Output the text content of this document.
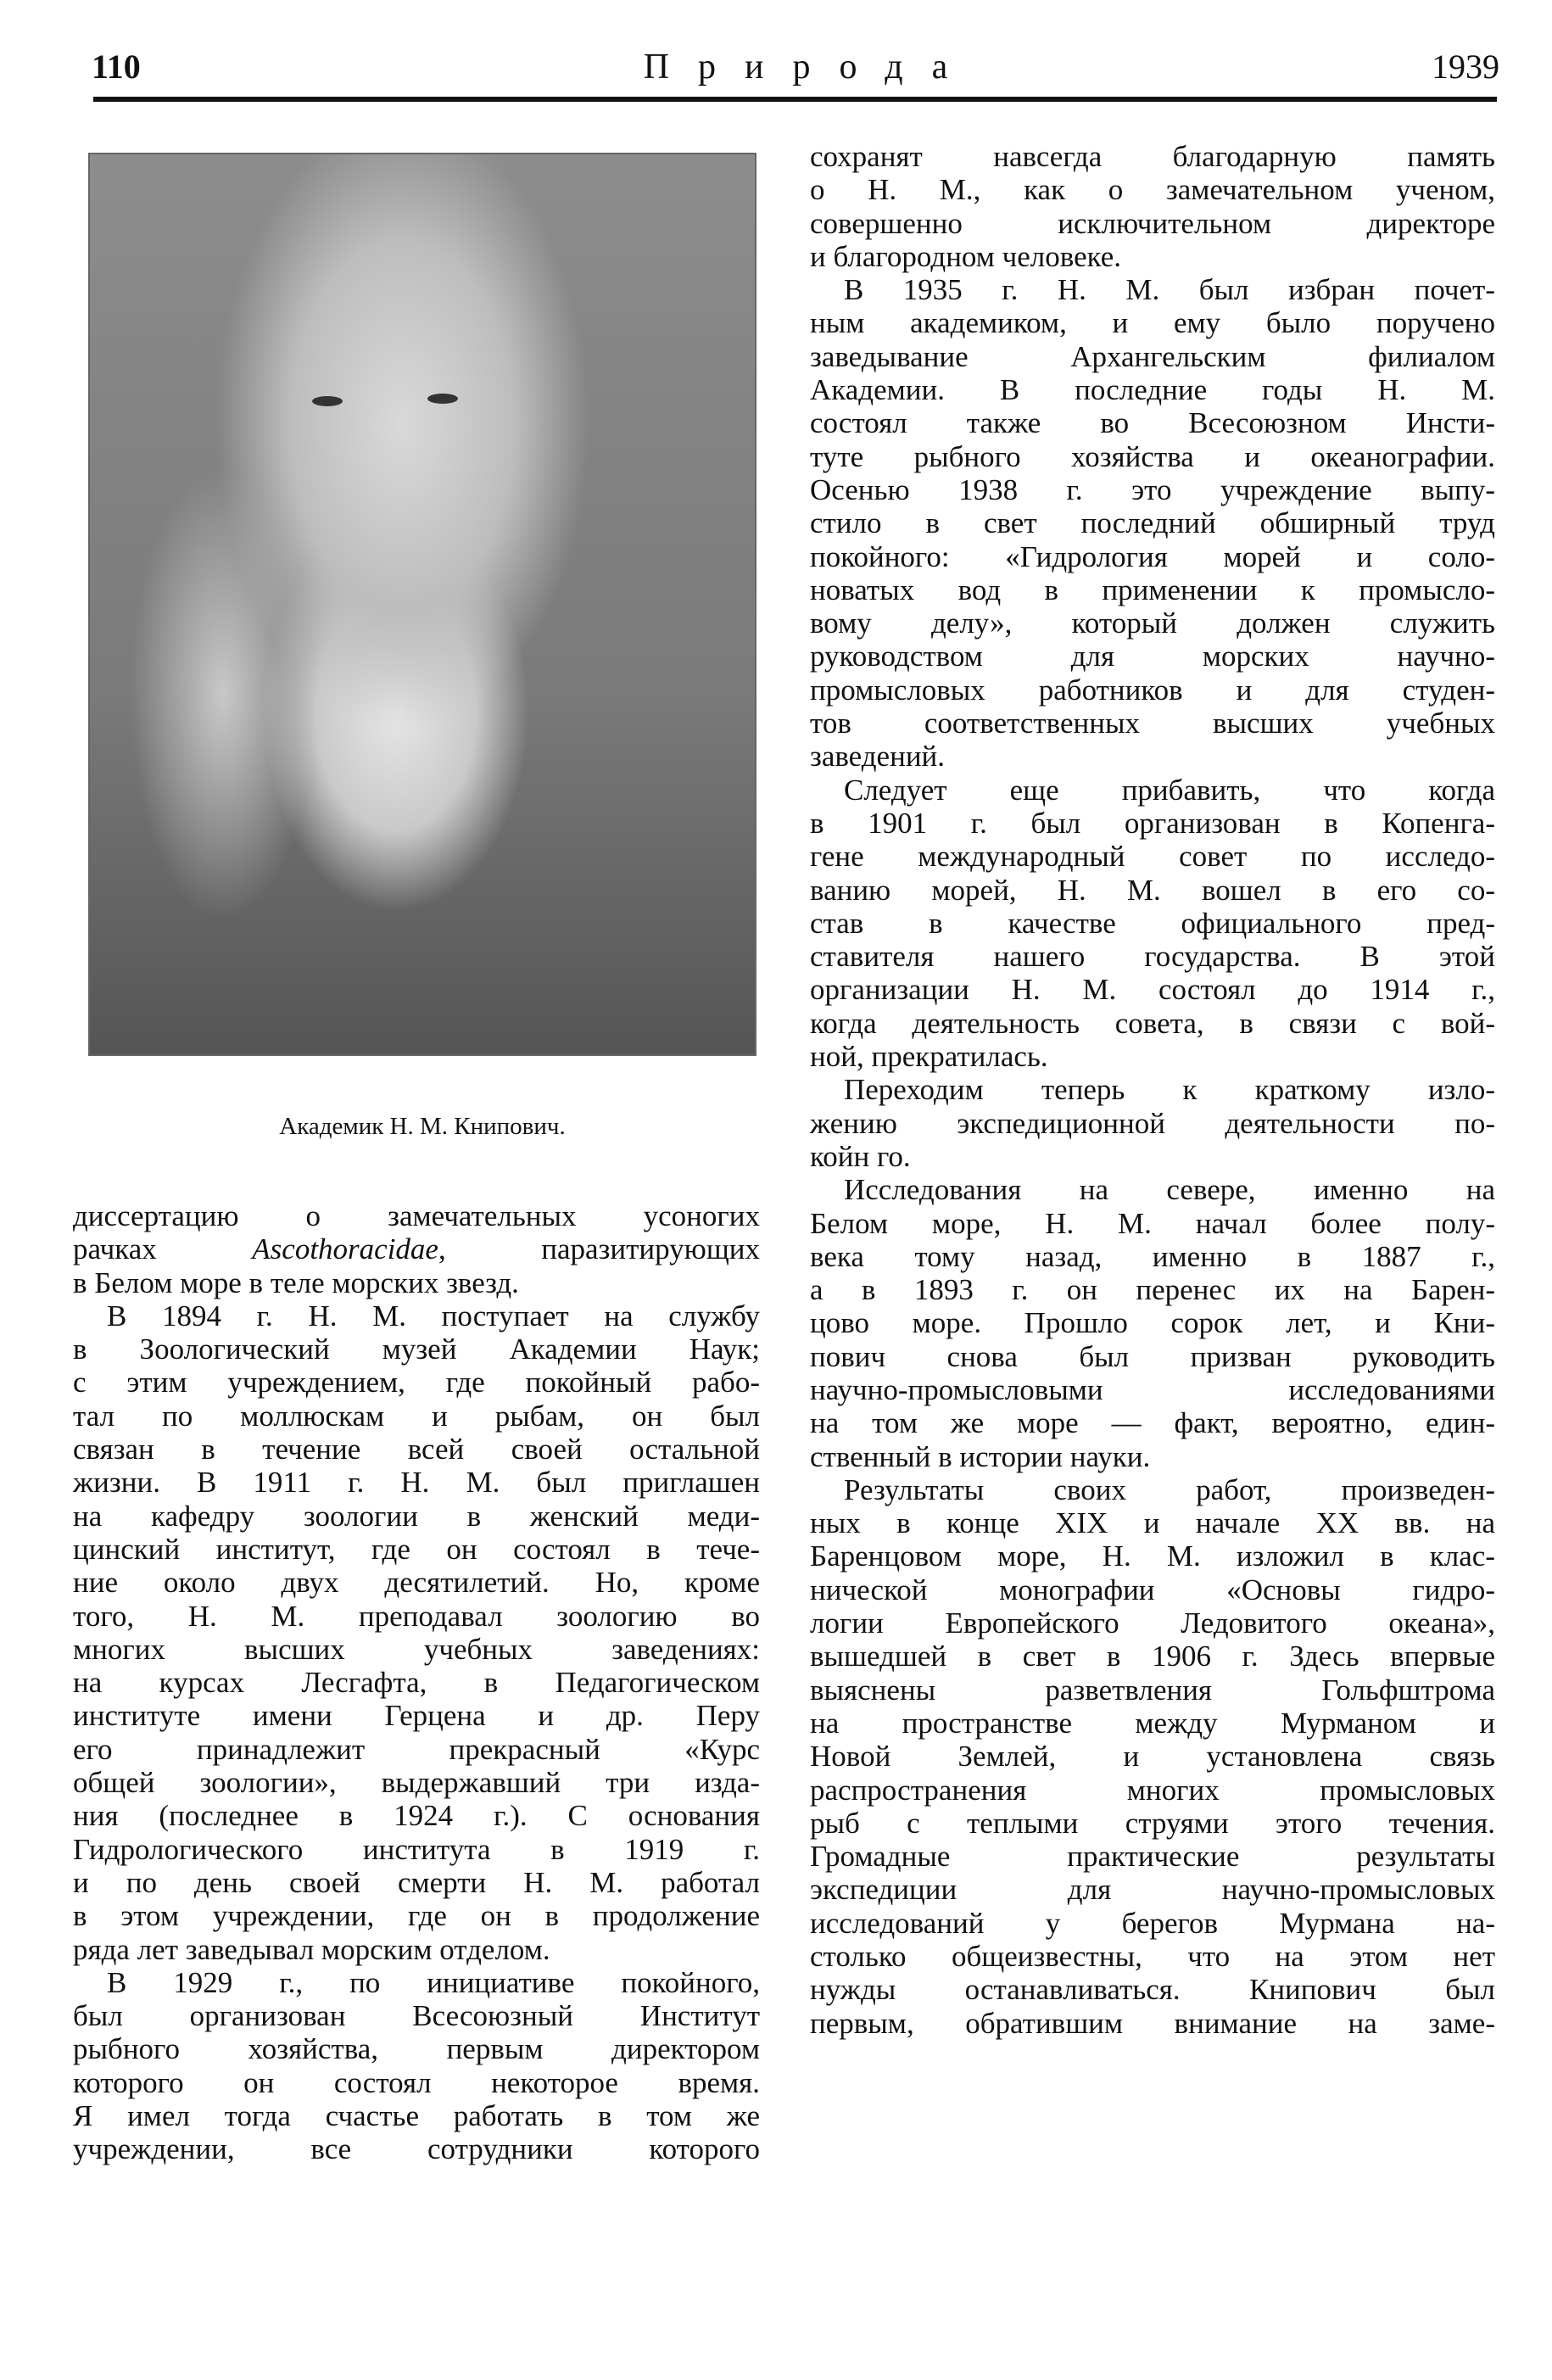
110	Природа	1939
Академик Н. М. Книпович.
диссертацию о замечательных усоногих
рачках Ascothoracidae, паразитирующих
в Белом море в теле морских звезд.
В 1894 г. Н. М. поступает на службу
в Зоологический музей Академии Наук;
с этим учреждением, где покойный рабо-
тал по моллюскам и рыбам, он был
связан в течение всей своей остальной
жизни. В 1911 г. Н. М. был приглашен
на кафедру зоологии в женский меди-
цинский институт, где он состоял в тече-
ние около двух десятилетий. Но, кроме
того, Н. М. преподавал зоологию во
многих высших учебных заведениях:
на курсах Лесгафта, в Педагогическом
институте имени Герцена и др. Перу
его принадлежит прекрасный «Курс
общей зоологии», выдержавший три изда-
ния (последнее в 1924 г.). С основания
Гидрологического института в 1919 г.
и по день своей смерти Н. М. работал
в этом учреждении, где он в продолжение
ряда лет заведывал морским отделом.
В 1929 г., по инициативе покойного,
был организован Всесоюзный Институт
рыбного хозяйства, первым директором
которого он состоял некоторое время.
Я имел тогда счастье работать в том же
учреждении, все сотрудники которого
сохранят навсегда благодарную память
о Н. М., как о замечательном ученом,
совершенно исключительном директоре
и благородном человеке.
В 1935 г. Н. М. был избран почет-
ным академиком, и ему было поручено
заведывание Архангельским филиалом
Академии. В последние годы Н. М.
состоял также во Всесоюзном Инсти-
туте рыбного хозяйства и океанографии.
Осенью 1938 г. это учреждение выпу-
стило в свет последний обширный труд
покойного: «Гидрология морей и соло-
новатых вод в применении к промысло-
вому делу», который должен служить
руководством для морских научно-
промысловых работников и для студен-
тов соответственных высших учебных
заведений.
Следует еще прибавить, что когда
в 1901 г. был организован в Копенга-
гене международный совет по исследо-
ванию морей, Н. М. вошел в его со-
став в качестве официального пред-
ставителя нашего государства. В этой
организации Н. М. состоял до 1914 г.,
когда деятельность совета, в связи с вой-
ной, прекратилась.
Переходим теперь к краткому изло-
жению экспедиционной деятельности по-
койн го.
Исследования на севере, именно на
Белом море, Н. М. начал более полу-
века тому назад, именно в 1887 г.,
а в 1893 г. он перенес их на Барен-
цово море. Прошло сорок лет, и Кни-
пович снова был призван руководить
научно-промысловыми исследованиями
на том же море — факт, вероятно, един-
ственный в истории науки.
Результаты своих работ, произведен-
ных в конце XIX и начале XX вв. на
Баренцовом море, Н. М. изложил в клас-
нической монографии «Основы гидро-
логии Европейского Ледовитого океана»,
вышедшей в свет в 1906 г. Здесь впервые
выяснены разветвления Гольфштрома
на пространстве между Мурманом и
Новой Землей, и установлена связь
распространения многих промысловых
рыб с теплыми струями этого течения.
Громадные практические результаты
экспедиции для научно-промысловых
исследований у берегов Мурмана на-
столько общеизвестны, что на этом нет
нужды останавливаться. Книпович был
первым, обратившим внимание на заме-
